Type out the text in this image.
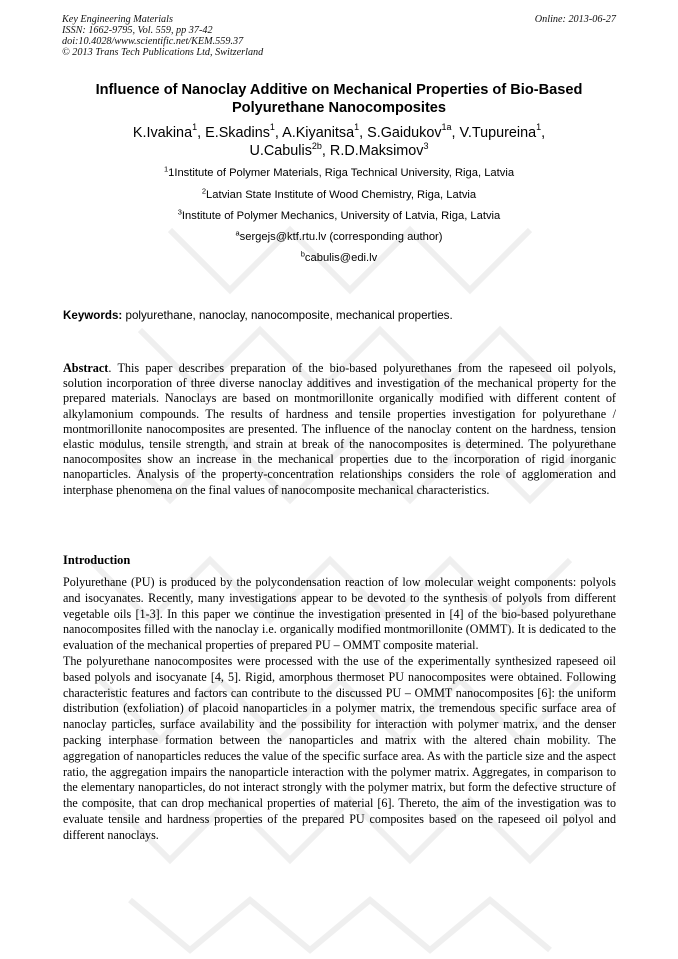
Key Engineering Materials
ISSN: 1662-9795, Vol. 559, pp 37-42
doi:10.4028/www.scientific.net/KEM.559.37
© 2013 Trans Tech Publications Ltd, Switzerland
Online: 2013-06-27
Influence of Nanoclay Additive on Mechanical Properties of Bio-Based
Polyurethane Nanocomposites
K.Ivakina$^1$, E.Skadins$^1$, A.Kiyanitsa$^1$, S.Gaidukov$^{1a}$, V.Tupureina$^1$,
U.Cabulis$^{2b}$, R.D.Maksimov$^3$
$^1$1Institute of Polymer Materials, Riga Technical University, Riga, Latvia
$^2$Latvian State Institute of Wood Chemistry, Riga, Latvia
$^3$Institute of Polymer Mechanics, University of Latvia, Riga, Latvia
$^a$sergejs@ktf.rtu.lv (corresponding author)
$^b$cabulis@edi.lv
Keywords: polyurethane, nanoclay, nanocomposite, mechanical properties.
Abstract. This paper describes preparation of the bio-based polyurethanes from the rapeseed oil polyols, solution incorporation of three diverse nanoclay additives and investigation of the mechanical property for the prepared materials. Nanoclays are based on montmorillonite organically modified with different content of alkylamonium compounds. The results of hardness and tensile properties investigation for polyurethane / montmorillonite nanocomposites are presented. The influence of the nanoclay content on the hardness, tension elastic modulus, tensile strength, and strain at break of the nanocomposites is determined. The polyurethane nanocomposites show an increase in the mechanical properties due to the incorporation of rigid inorganic nanoparticles. Analysis of the property-concentration relationships considers the role of agglomeration and interphase phenomena on the final values of nanocomposite mechanical characteristics.
Introduction

Polyurethane (PU) is produced by the polycondensation reaction of low molecular weight components: polyols and isocyanates. Recently, many investigations appear to be devoted to the synthesis of polyols from different vegetable oils [1-3]. In this paper we continue the investigation presented in [4] of the bio-based polyurethane nanocomposites filled with the nanoclay i.e. organically modified montmorillonite (OMMT). It is dedicated to the evaluation of the mechanical properties of prepared PU – OMMT composite material.

The polyurethane nanocomposites were processed with the use of the experimentally synthesized rapeseed oil based polyols and isocyanate [4, 5]. Rigid, amorphous thermoset PU nanocomposites were obtained. Following characteristic features and factors can contribute to the discussed PU – OMMT nanocomposites [6]: the uniform distribution (exfoliation) of placoid nanoparticles in a polymer matrix, the tremendous specific surface area of nanoclay particles, surface availability and the possibility for interaction with polymer matrix, and the denser packing interphase formation between the nanoparticles and matrix with the altered chain mobility. The aggregation of nanoparticles reduces the value of the specific surface area. As with the particle size and the aspect ratio, the aggregation impairs the nanoparticle interaction with the polymer matrix. Aggregates, in comparison to the elementary nanoparticles, do not interact strongly with the polymer matrix, but form the defective structure of the composite, that can drop mechanical properties of material [6]. Thereto, the aim of the investigation was to evaluate tensile and hardness properties of the prepared PU composites based on the rapeseed oil polyol and different nanoclays.
